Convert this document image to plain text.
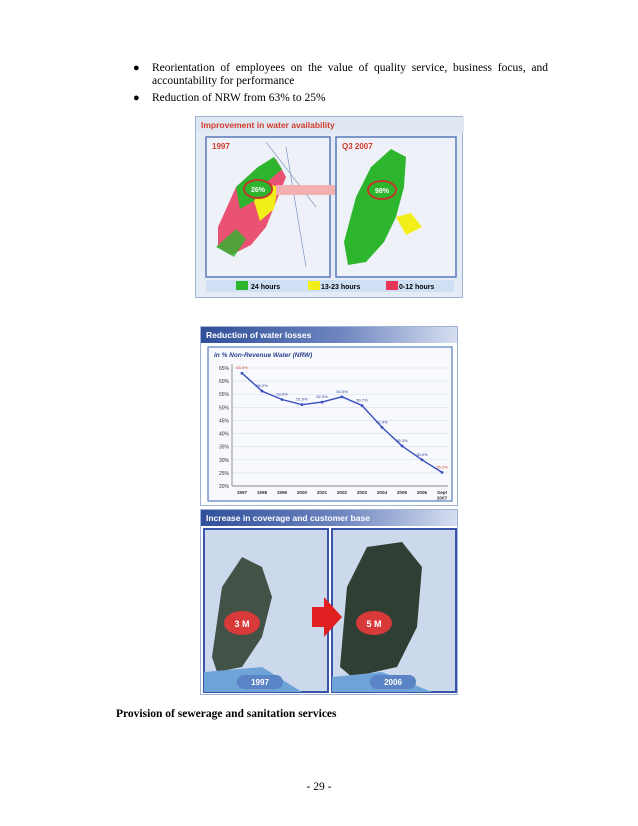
● Reorientation of employees on the value of quality service, business focus, and accountability for performance
● Reduction of NRW from 63% to 25%
Improvement in water availability
1997
26%
Q3 2007
98%
24 hours	13-23 hours	0-12 hours
Reduction of water losses
in % Non-Revenue Water (NRW)
65%
60%
55%
50%
45%
40%
35%
30%
25%
20%
63.0%
56.2%
53.0%
51.0%
52.0%
54.0%
50.7%
42.4%
35.3%
30.0%
25.2%
1997 1998 1999 2000 2001 2002 2003 2004 2005 2006 Sept 2007
Increase in coverage and customer base
3 M	5 M
1997	2006
Provision of sewerage and sanitation services
- 29 -
